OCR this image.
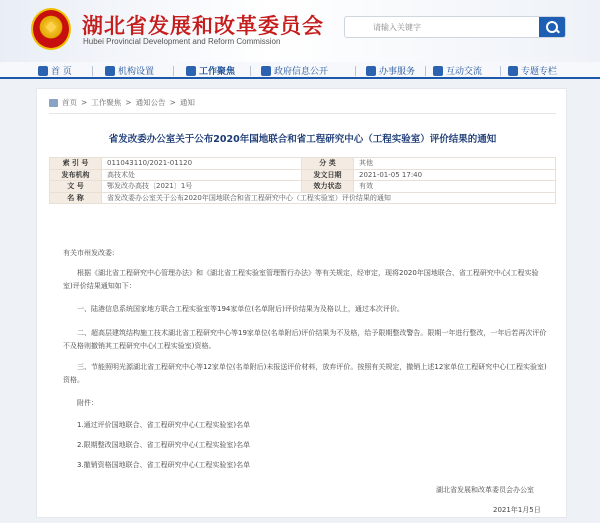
湖北省发展和改革委员会
Hubei Provincial Development and Reform Commission
请输入关键字
首 页	机构设置	工作聚焦	政府信息公开	办事服务	互动交流	专题专栏
首页 > 工作聚焦 > 通知公告 > 通知
省发改委办公室关于公布2020年国地联合和省工程研究中心（工程实验室）评价结果的通知
索 引 号	011043110/2021-01120	分 类	其他
发布机构	高技术处	发文日期	2021-01-05 17:40
文 号	鄂发改办高技〔2021〕1号	效力状态	有效
名 称	省发改委办公室关于公布2020年国地联合和省工程研究中心（工程实验室）评价结果的通知		
有关市州发改委:
根据《湖北省工程研究中心管理办法》和《湖北省工程实验室管理暂行办法》等有关规定，经审定，现将2020年国地联合、省工程研究中心(工程实验室)评价结果通知如下：
一、陆港信息系统国家地方联合工程实验室等194家单位(名单附后)评价结果为及格以上，通过本次评价。
二、超高层建筑结构施工技术湖北省工程研究中心等19家单位(名单附后)评价结果为不及格，给予限期整改警告。限期一年进行整改，一年后若再次评价不及格则撤销其工程研究中心(工程实验室)资格。
三、节能照明光源湖北省工程研究中心等12家单位(名单附后)未报送评价材料，放弃评价。按照有关规定，撤销上述12家单位工程研究中心(工程实验室)资格。
附件：
1.通过评价国地联合、省工程研究中心(工程实验室)名单
2.限期整改国地联合、省工程研究中心(工程实验室)名单
3.撤销资格国地联合、省工程研究中心(工程实验室)名单
湖北省发展和改革委员会办公室
2021年1月5日
